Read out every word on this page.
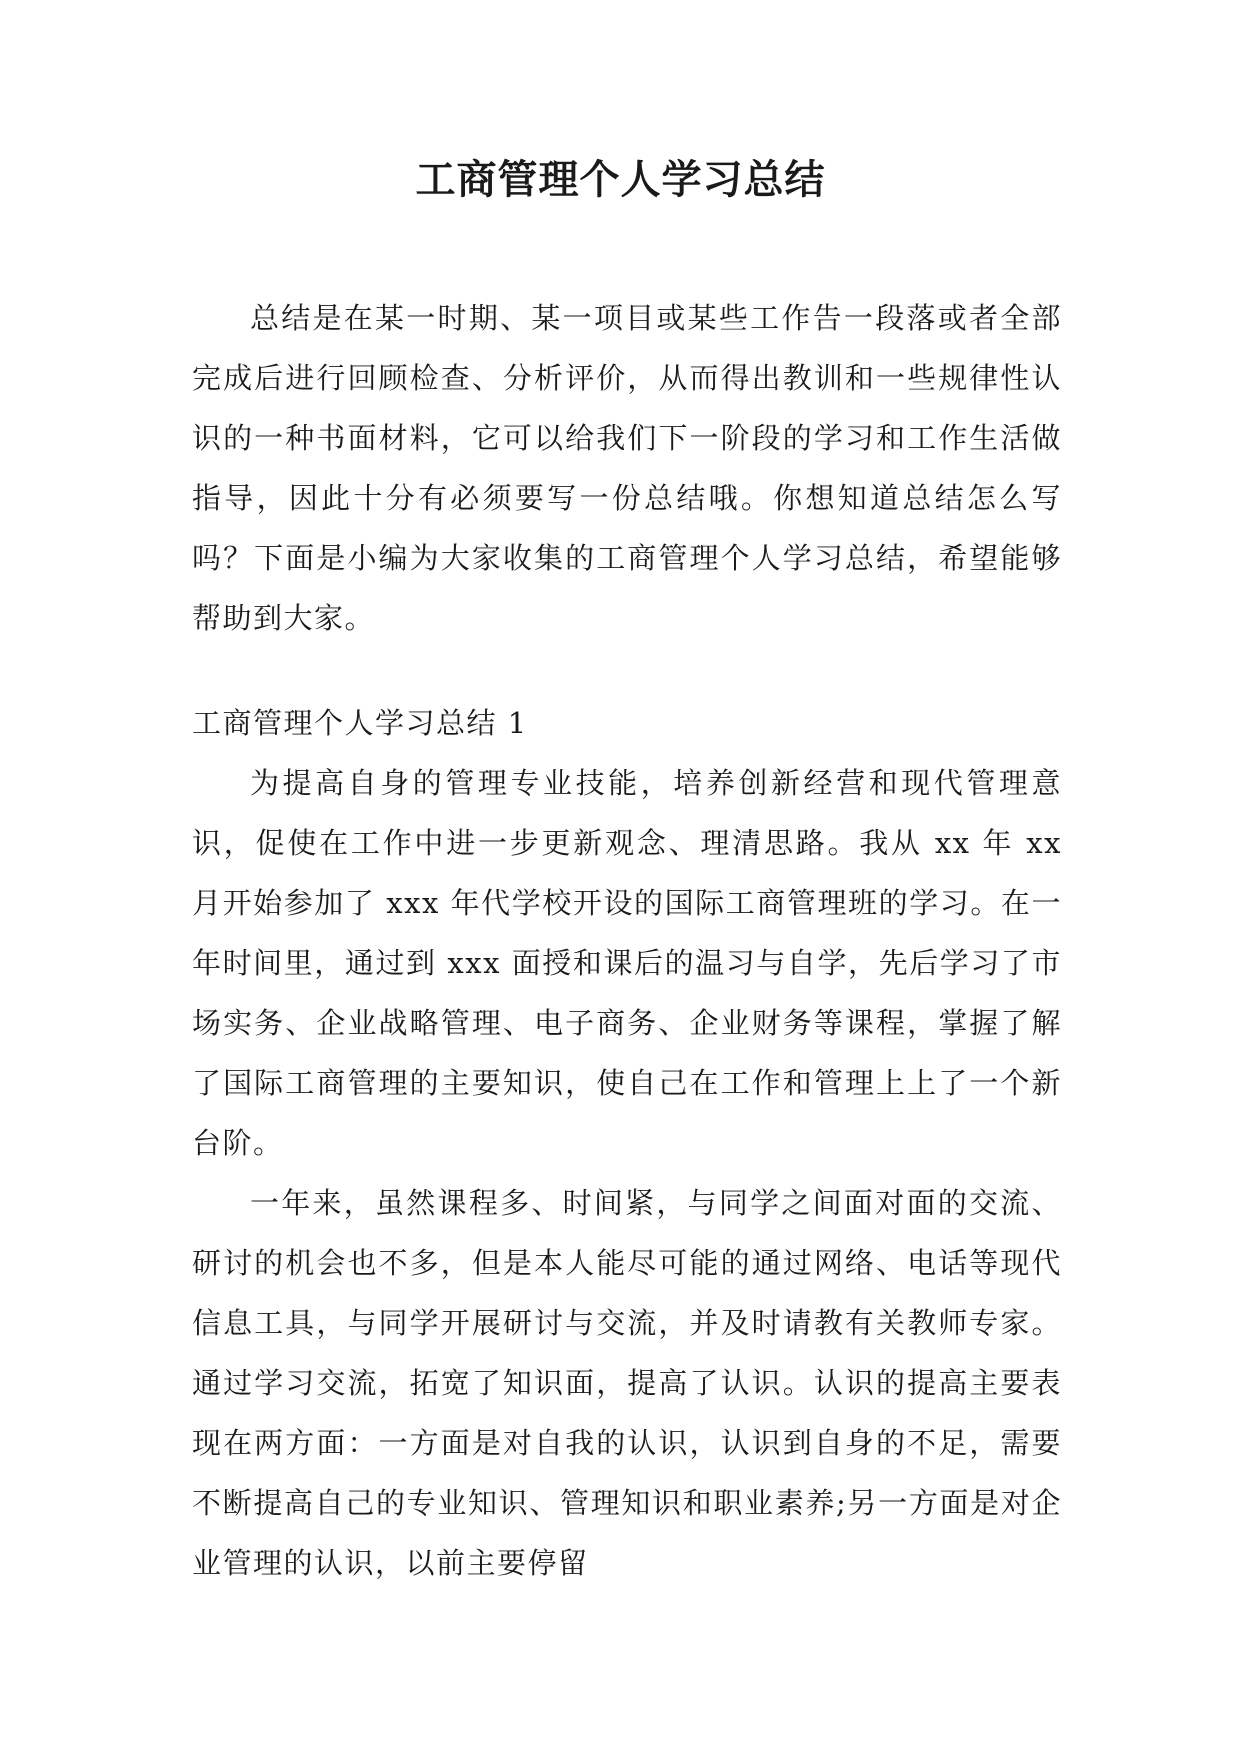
工商管理个人学习总结

总结是在某一时期、某一项目或某些工作告一段落或者全部完成后进行回顾检查、分析评价，从而得出教训和一些规律性认识的一种书面材料，它可以给我们下一阶段的学习和工作生活做指导，因此十分有必须要写一份总结哦。你想知道总结怎么写吗？下面是小编为大家收集的工商管理个人学习总结，希望能够帮助到大家。

工商管理个人学习总结 1

为提高自身的管理专业技能，培养创新经营和现代管理意识，促使在工作中进一步更新观念、理清思路。我从 xx 年 xx 月开始参加了 xxx 年代学校开设的国际工商管理班的学习。在一年时间里，通过到 xxx 面授和课后的温习与自学，先后学习了市场实务、企业战略管理、电子商务、企业财务等课程，掌握了解了国际工商管理的主要知识，使自己在工作和管理上上了一个新台阶。

一年来，虽然课程多、时间紧，与同学之间面对面的交流、研讨的机会也不多，但是本人能尽可能的通过网络、电话等现代信息工具，与同学开展研讨与交流，并及时请教有关教师专家。通过学习交流，拓宽了知识面，提高了认识。认识的提高主要表现在两方面：一方面是对自我的认识，认识到自身的不足，需要不断提高自己的专业知识、管理知识和职业素养;另一方面是对企业管理的认识，以前主要停留
